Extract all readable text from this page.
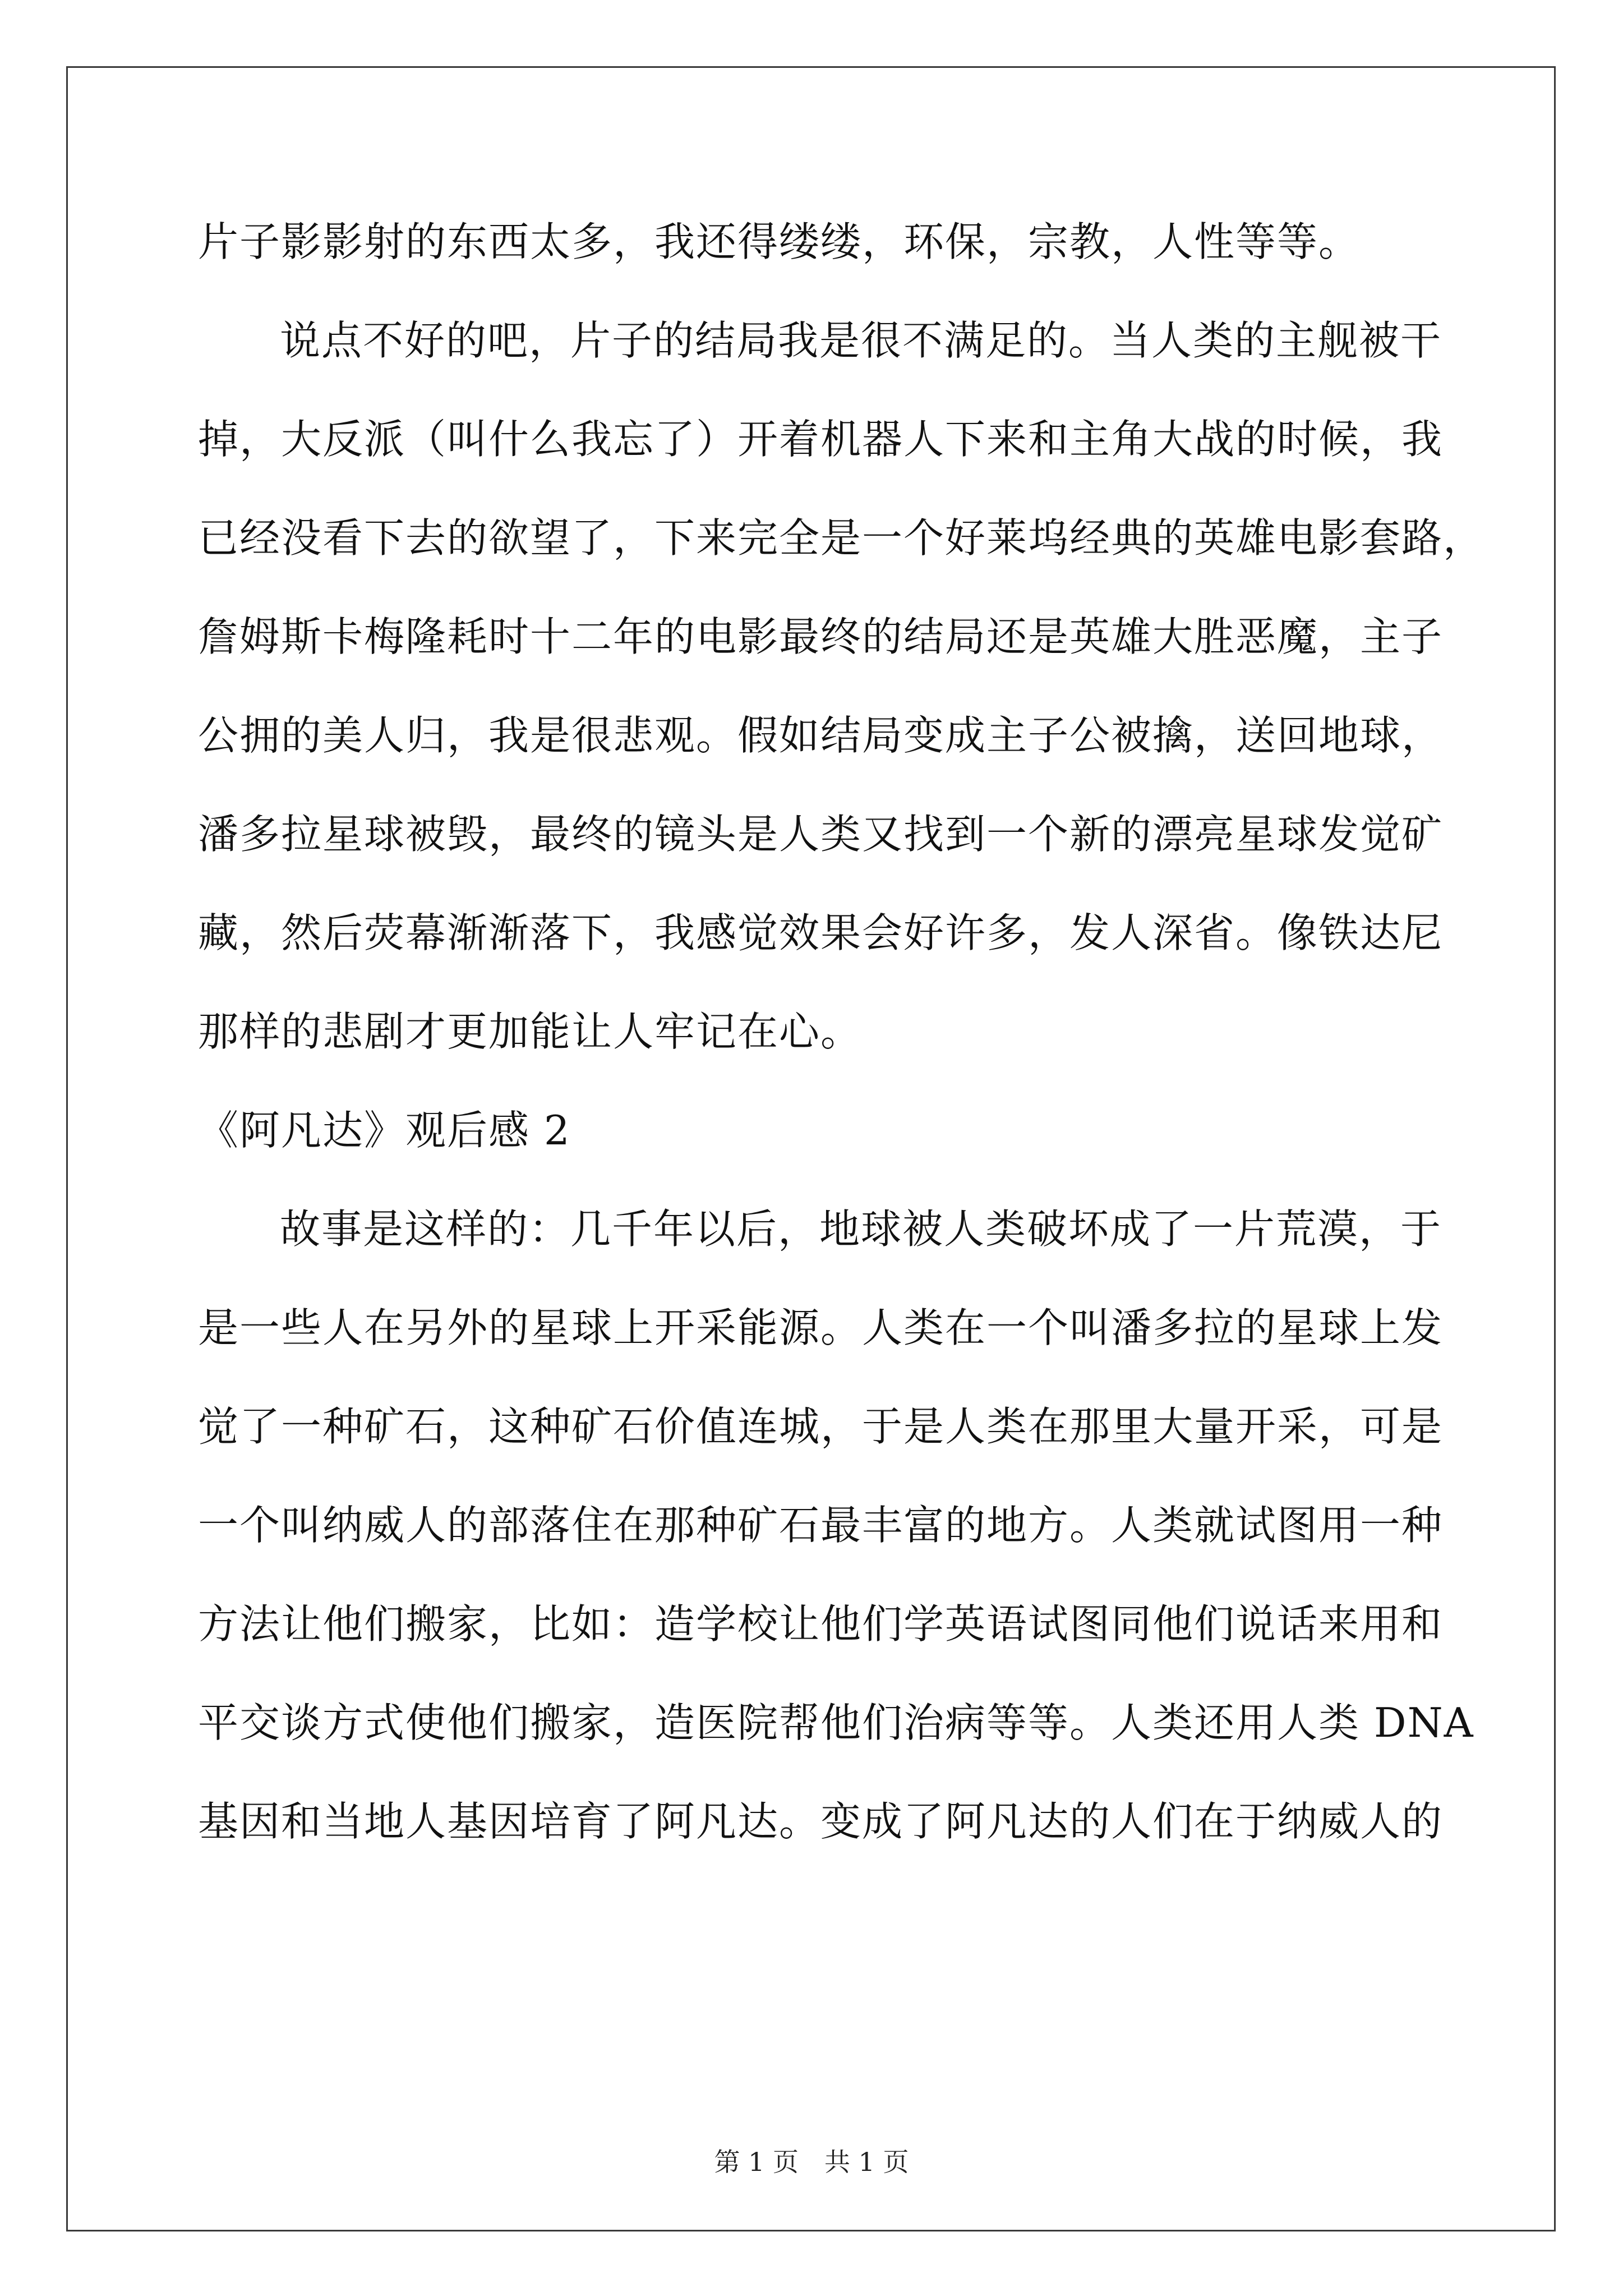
片子影影射的东西太多，我还得缕缕，环保，宗教，人性等等。
说点不好的吧，片子的结局我是很不满足的。当人类的主舰被干
掉，大反派（叫什么我忘了）开着机器人下来和主角大战的时候，我
已经没看下去的欲望了，下来完全是一个好莱坞经典的英雄电影套路，
詹姆斯卡梅隆耗时十二年的电影最终的结局还是英雄大胜恶魔，主子
公拥的美人归，我是很悲观。假如结局变成主子公被擒，送回地球，
潘多拉星球被毁，最终的镜头是人类又找到一个新的漂亮星球发觉矿
藏，然后荧幕渐渐落下，我感觉效果会好许多，发人深省。像铁达尼
那样的悲剧才更加能让人牢记在心。
《阿凡达》观后感 2
故事是这样的：几千年以后，地球被人类破坏成了一片荒漠，于
是一些人在另外的星球上开采能源。人类在一个叫潘多拉的星球上发
觉了一种矿石，这种矿石价值连城，于是人类在那里大量开采，可是
一个叫纳威人的部落住在那种矿石最丰富的地方。人类就试图用一种
方法让他们搬家，比如：造学校让他们学英语试图同他们说话来用和
平交谈方式使他们搬家，造医院帮他们治病等等。人类还用人类 DNA
基因和当地人基因培育了阿凡达。变成了阿凡达的人们在于纳威人的
第 1 页　共 1 页
